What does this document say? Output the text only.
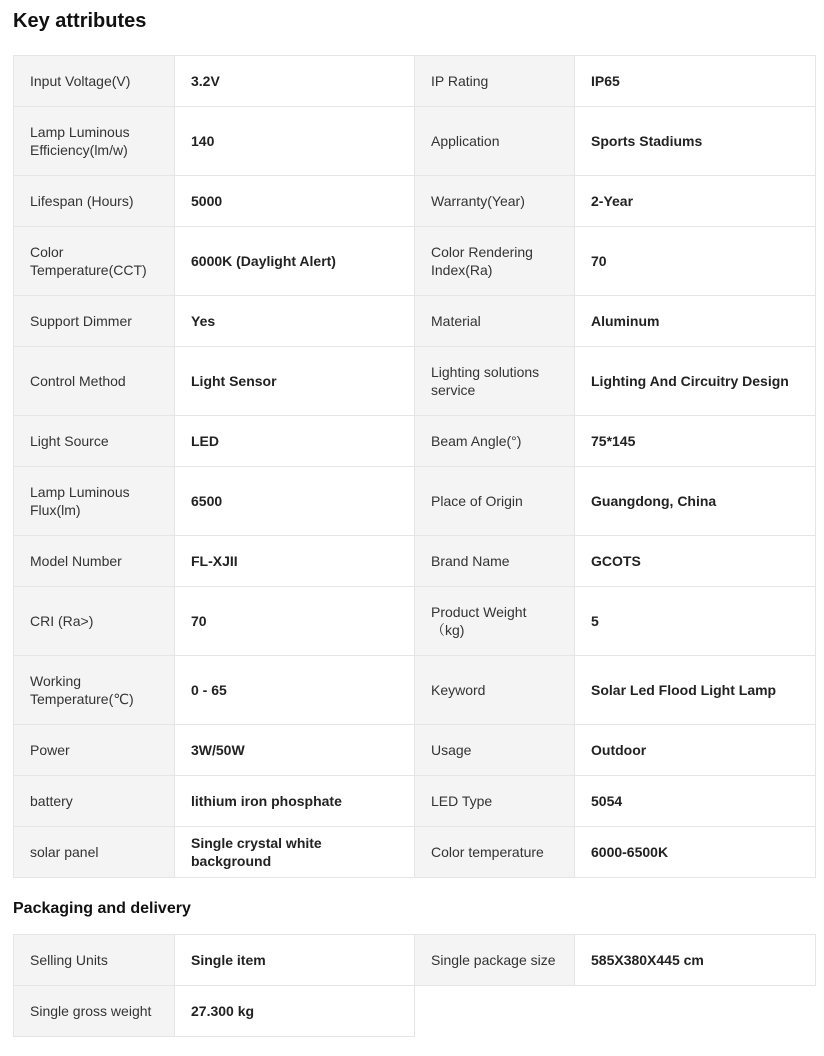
Key attributes
Input Voltage(V)	3.2V	IP Rating	IP65
Lamp Luminous Efficiency(lm/w)	140	Application	Sports Stadiums
Lifespan (Hours)	5000	Warranty(Year)	2-Year
Color Temperature(CCT)	6000K (Daylight Alert)	Color Rendering Index(Ra)	70
Support Dimmer	Yes	Material	Aluminum
Control Method	Light Sensor	Lighting solutions service	Lighting And Circuitry Design
Light Source	LED	Beam Angle(°)	75*145
Lamp Luminous Flux(lm)	6500	Place of Origin	Guangdong, China
Model Number	FL-XJII	Brand Name	GCOTS
CRI (Ra>)	70	Product Weight （kg)	5
Working Temperature(℃)	0 - 65	Keyword	Solar Led Flood Light Lamp
Power	3W/50W	Usage	Outdoor
battery	lithium iron phosphate	LED Type	5054
solar panel	Single crystal white background	Color temperature	6000-6500K
Packaging and delivery
Selling Units	Single item	Single package size	585X380X445 cm
Single gross weight	27.300 kg		
